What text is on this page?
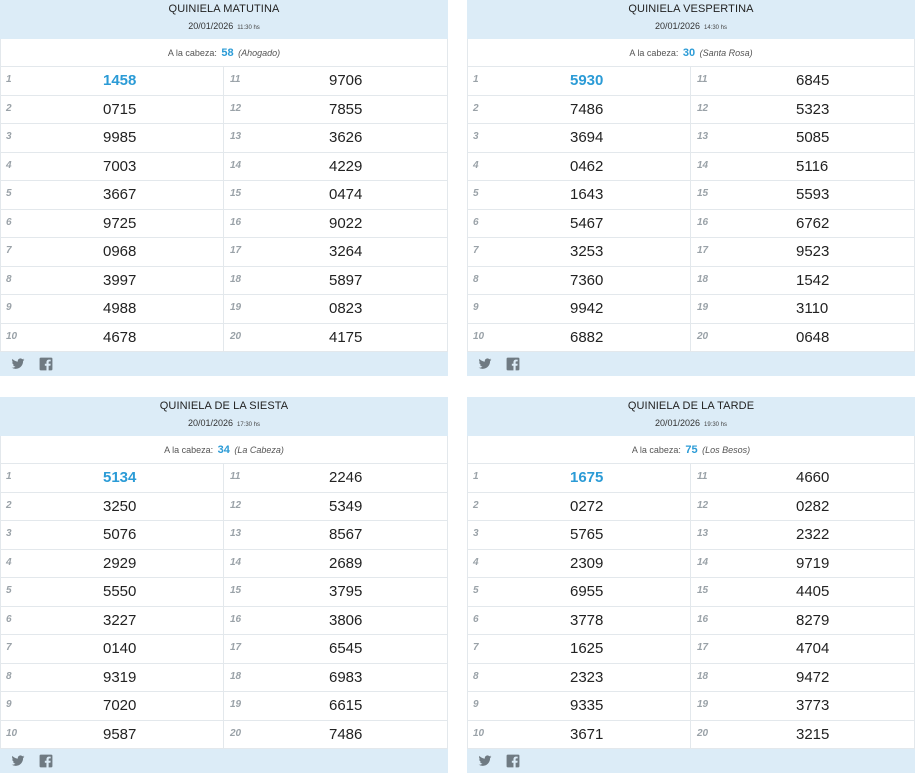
QUINIELA MATUTINA
20/01/2026 11:30 hs
A la cabeza: 58 (Ahogado)
1	1458	11	9706
2	0715	12	7855
3	9985	13	3626
4	7003	14	4229
5	3667	15	0474
6	9725	16	9022
7	0968	17	3264
8	3997	18	5897
9	4988	19	0823
10	4678	20	4175
QUINIELA VESPERTINA
20/01/2026 14:30 hs
A la cabeza: 30 (Santa Rosa)
1	5930	11	6845
2	7486	12	5323
3	3694	13	5085
4	0462	14	5116
5	1643	15	5593
6	5467	16	6762
7	3253	17	9523
8	7360	18	1542
9	9942	19	3110
10	6882	20	0648
QUINIELA DE LA SIESTA
20/01/2026 17:30 hs
A la cabeza: 34 (La Cabeza)
1	5134	11	2246
2	3250	12	5349
3	5076	13	8567
4	2929	14	2689
5	5550	15	3795
6	3227	16	3806
7	0140	17	6545
8	9319	18	6983
9	7020	19	6615
10	9587	20	7486
QUINIELA DE LA TARDE
20/01/2026 19:30 hs
A la cabeza: 75 (Los Besos)
1	1675	11	4660
2	0272	12	0282
3	5765	13	2322
4	2309	14	9719
5	6955	15	4405
6	3778	16	8279
7	1625	17	4704
8	2323	18	9472
9	9335	19	3773
10	3671	20	3215
